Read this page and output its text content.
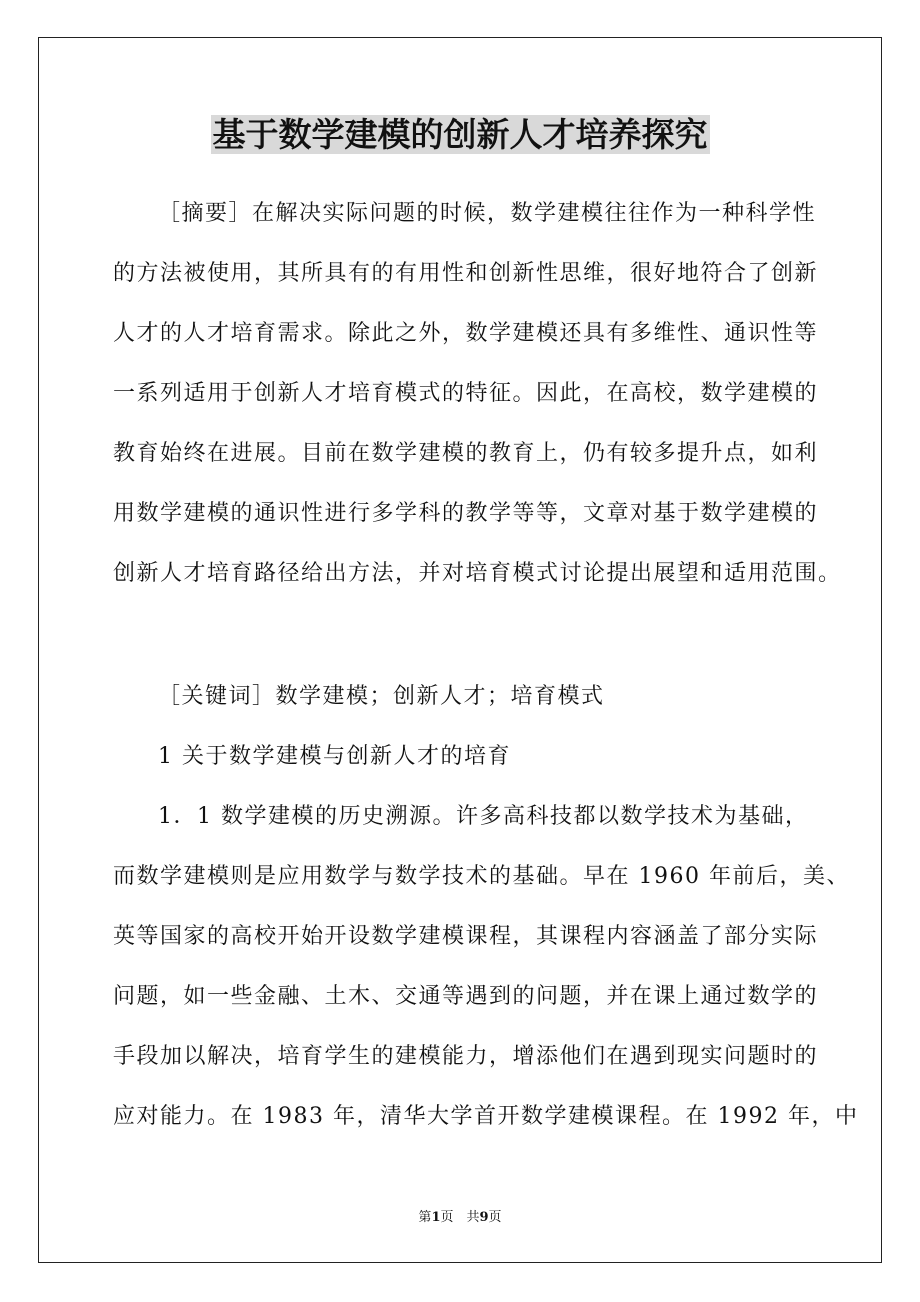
基于数学建模的创新人才培养探究
［摘要］在解决实际问题的时候，数学建模往往作为一种科学性
的方法被使用，其所具有的有用性和创新性思维，很好地符合了创新
人才的人才培育需求。除此之外，数学建模还具有多维性、通识性等
一系列适用于创新人才培育模式的特征。因此，在高校，数学建模的
教育始终在进展。目前在数学建模的教育上，仍有较多提升点，如利
用数学建模的通识性进行多学科的教学等等，文章对基于数学建模的
创新人才培育路径给出方法，并对培育模式讨论提出展望和适用范围。
［关键词］数学建模；创新人才；培育模式
1 关于数学建模与创新人才的培育
1．1 数学建模的历史溯源。许多高科技都以数学技术为基础，
而数学建模则是应用数学与数学技术的基础。早在 1960 年前后，美、
英等国家的高校开始开设数学建模课程，其课程内容涵盖了部分实际
问题，如一些金融、土木、交通等遇到的问题，并在课上通过数学的
手段加以解决，培育学生的建模能力，增添他们在遇到现实问题时的
应对能力。在 1983 年，清华大学首开数学建模课程。在 1992 年，中
第1页　共9页
